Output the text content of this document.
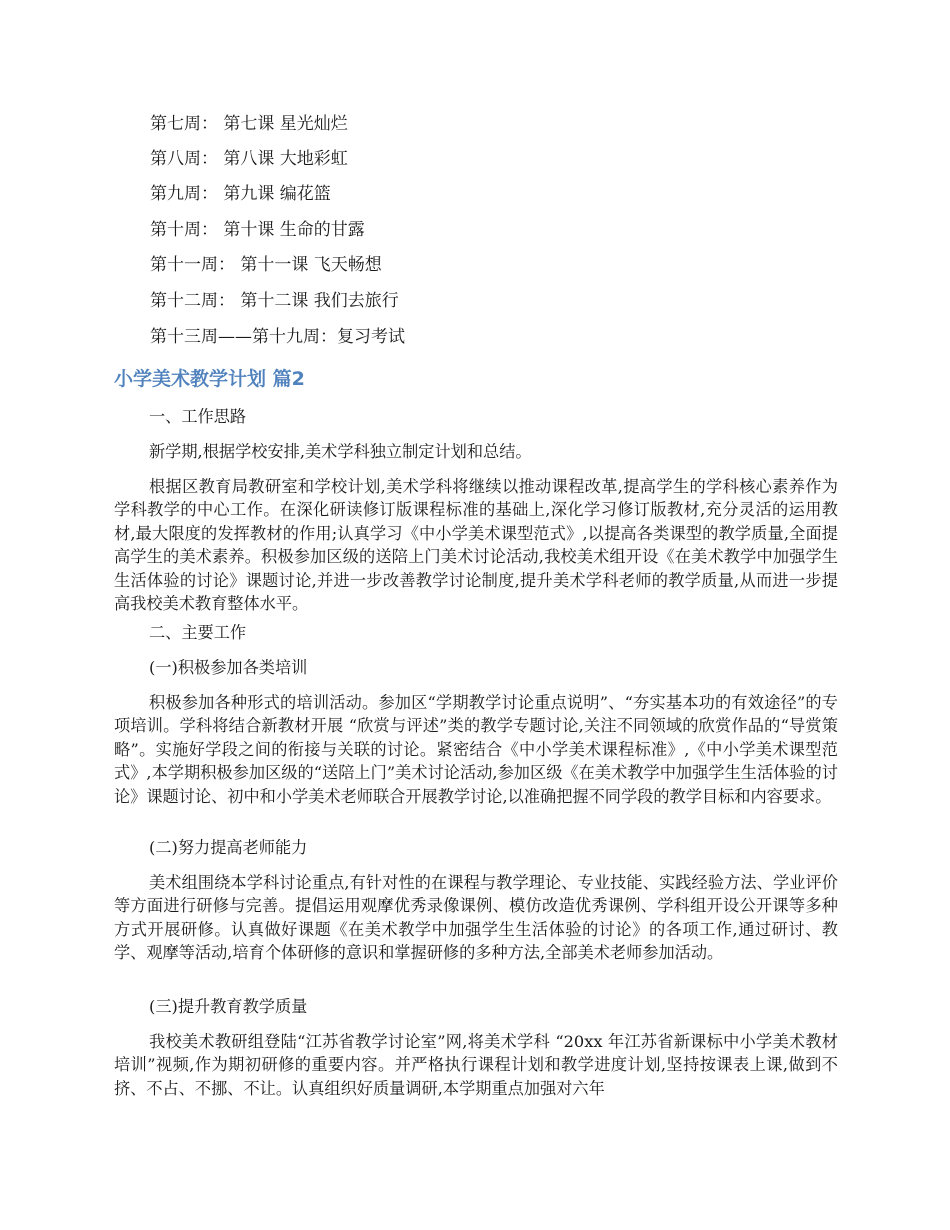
第七周： 第七课 星光灿烂
第八周： 第八课 大地彩虹
第九周： 第九课 编花篮
第十周： 第十课 生命的甘露
第十一周： 第十一课 飞天畅想
第十二周： 第十二课 我们去旅行
第十三周——第十九周：复习考试
小学美术教学计划 篇2

一、工作思路

新学期,根据学校安排,美术学科独立制定计划和总结。

根据区教育局教研室和学校计划,美术学科将继续以推动课程改革,提高学生的学科核心素养作为学科教学的中心工作。在深化研读修订版课程标准的基础上,深化学习修订版教材,充分灵活的运用教材,最大限度的发挥教材的作用;认真学习《中小学美术课型范式》,以提高各类课型的教学质量,全面提高学生的美术素养。积极参加区级的送陪上门美术讨论活动,我校美术组开设《在美术教学中加强学生生活体验的讨论》课题讨论,并进一步改善教学讨论制度,提升美术学科老师的教学质量,从而进一步提高我校美术教育整体水平。

二、主要工作

(一)积极参加各类培训

积极参加各种形式的培训活动。参加区“学期教学讨论重点说明”、“夯实基本功的有效途径”的专项培训。学科将结合新教材开展 “欣赏与评述”类的教学专题讨论,关注不同领域的欣赏作品的“导赏策略”。实施好学段之间的衔接与关联的讨论。紧密结合《中小学美术课程标准》,《中小学美术课型范式》,本学期积极参加区级的“送陪上门”美术讨论活动,参加区级《在美术教学中加强学生生活体验的讨论》课题讨论、初中和小学美术老师联合开展教学讨论,以准确把握不同学段的教学目标和内容要求。

(二)努力提高老师能力

美术组围绕本学科讨论重点,有针对性的在课程与教学理论、专业技能、实践经验方法、学业评价等方面进行研修与完善。提倡运用观摩优秀录像课例、模仿改造优秀课例、学科组开设公开课等多种方式开展研修。认真做好课题《在美术教学中加强学生生活体验的讨论》的各项工作,通过研讨、教学、观摩等活动,培育个体研修的意识和掌握研修的多种方法,全部美术老师参加活动。

(三)提升教育教学质量

我校美术教研组登陆“江苏省教学讨论室”网,将美术学科 “20xx 年江苏省新课标中小学美术教材培训”视频,作为期初研修的重要内容。并严格执行课程计划和教学进度计划,坚持按课表上课,做到不挤、不占、不挪、不让。认真组织好质量调研,本学期重点加强对六年
